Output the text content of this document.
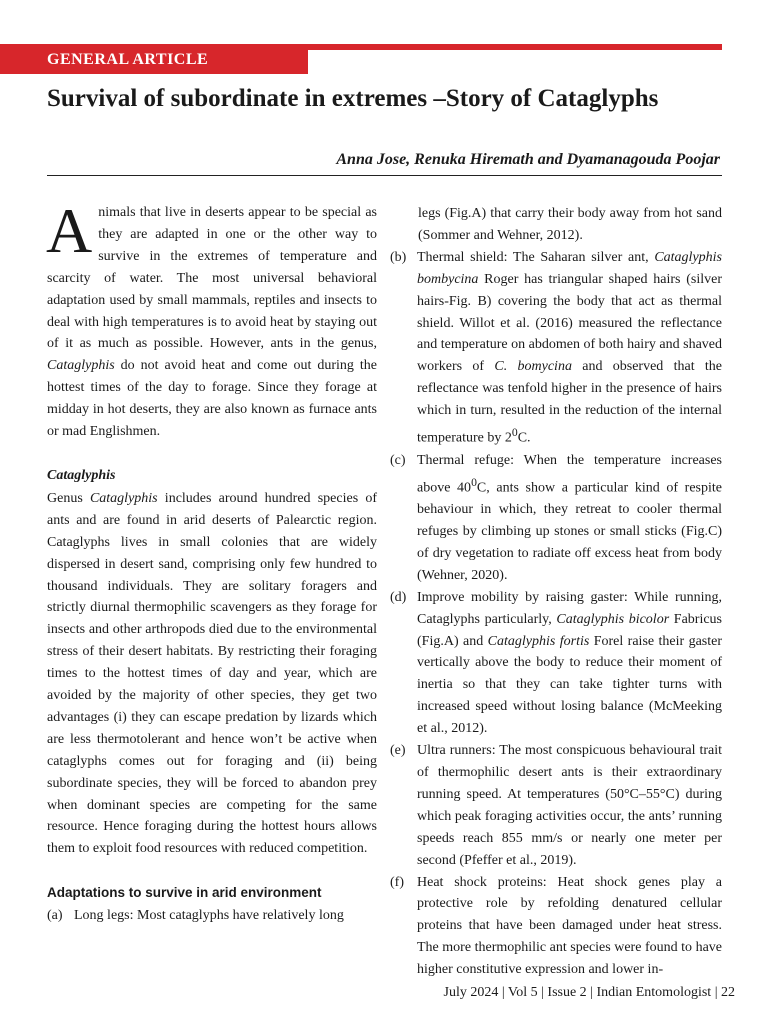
GENERAL ARTICLE
Survival of subordinate in extremes –Story of Cataglyphs
Anna Jose, Renuka Hiremath and Dyamanagouda Poojar

Animals that live in deserts appear to be special as they are adapted in one or the other way to survive in the extremes of temperature and scarcity of water. The most universal behavioral adaptation used by small mammals, reptiles and insects to deal with high temperatures is to avoid heat by staying out of it as much as possible. However, ants in the genus, Cataglyphis do not avoid heat and come out during the hottest times of the day to forage. Since they forage at midday in hot deserts, they are also known as furnace ants or mad Englishmen.

Cataglyphis

Genus Cataglyphis includes around hundred species of ants and are found in arid deserts of Palearctic region. Cataglyphs lives in small colonies that are widely dispersed in desert sand, comprising only few hundred to thousand individuals. They are solitary foragers and strictly diurnal thermophilic scavengers as they forage for insects and other arthropods died due to the environmental stress of their desert habitats. By restricting their foraging times to the hottest times of day and year, which are avoided by the majority of other species, they get two advantages (i) they can escape predation by lizards which are less thermotolerant and hence won’t be active when cataglyphs comes out for foraging and (ii) being subordinate species, they will be forced to abandon prey when dominant species are competing for the same resource. Hence foraging during the hottest hours allows them to exploit food resources with reduced competition.

Adaptations to survive in arid environment
(a) Long legs: Most cataglyphs have relatively long
legs (Fig.A) that carry their body away from hot sand (Sommer and Wehner, 2012).
(b) Thermal shield: The Saharan silver ant, Cataglyphis bombycina Roger has triangular shaped hairs (silver hairs-Fig. B) covering the body that act as thermal shield. Willot et al. (2016) measured the reflectance and temperature on abdomen of both hairy and shaved workers of C. bomycina and observed that the reflectance was tenfold higher in the presence of hairs which in turn, resulted in the reduction of the internal temperature by $2^0C$.
(c) Thermal refuge: When the temperature increases above $40^0C$, ants show a particular kind of respite behaviour in which, they retreat to cooler thermal refuges by climbing up stones or small sticks (Fig.C) of dry vegetation to radiate off excess heat from body (Wehner, 2020).
(d) Improve mobility by raising gaster: While running, Cataglyphs particularly, Cataglyphis bicolor Fabricus (Fig.A) and Cataglyphis fortis Forel raise their gaster vertically above the body to reduce their moment of inertia so that they can take tighter turns with increased speed without losing balance (McMeeking et al., 2012).
(e) Ultra runners: The most conspicuous behavioural trait of thermophilic desert ants is their extraordinary running speed. At temperatures (50°C–55°C) during which peak foraging activities occur, the ants’ running speeds reach 855 mm/s or nearly one meter per second (Pfeffer et al., 2019).
(f) Heat shock proteins: Heat shock genes play a protective role by refolding denatured cellular proteins that have been damaged under heat stress. The more thermophilic ant species were found to have higher constitutive expression and lower in-
July 2024 | Vol 5 | Issue 2 | Indian Entomologist | 22
